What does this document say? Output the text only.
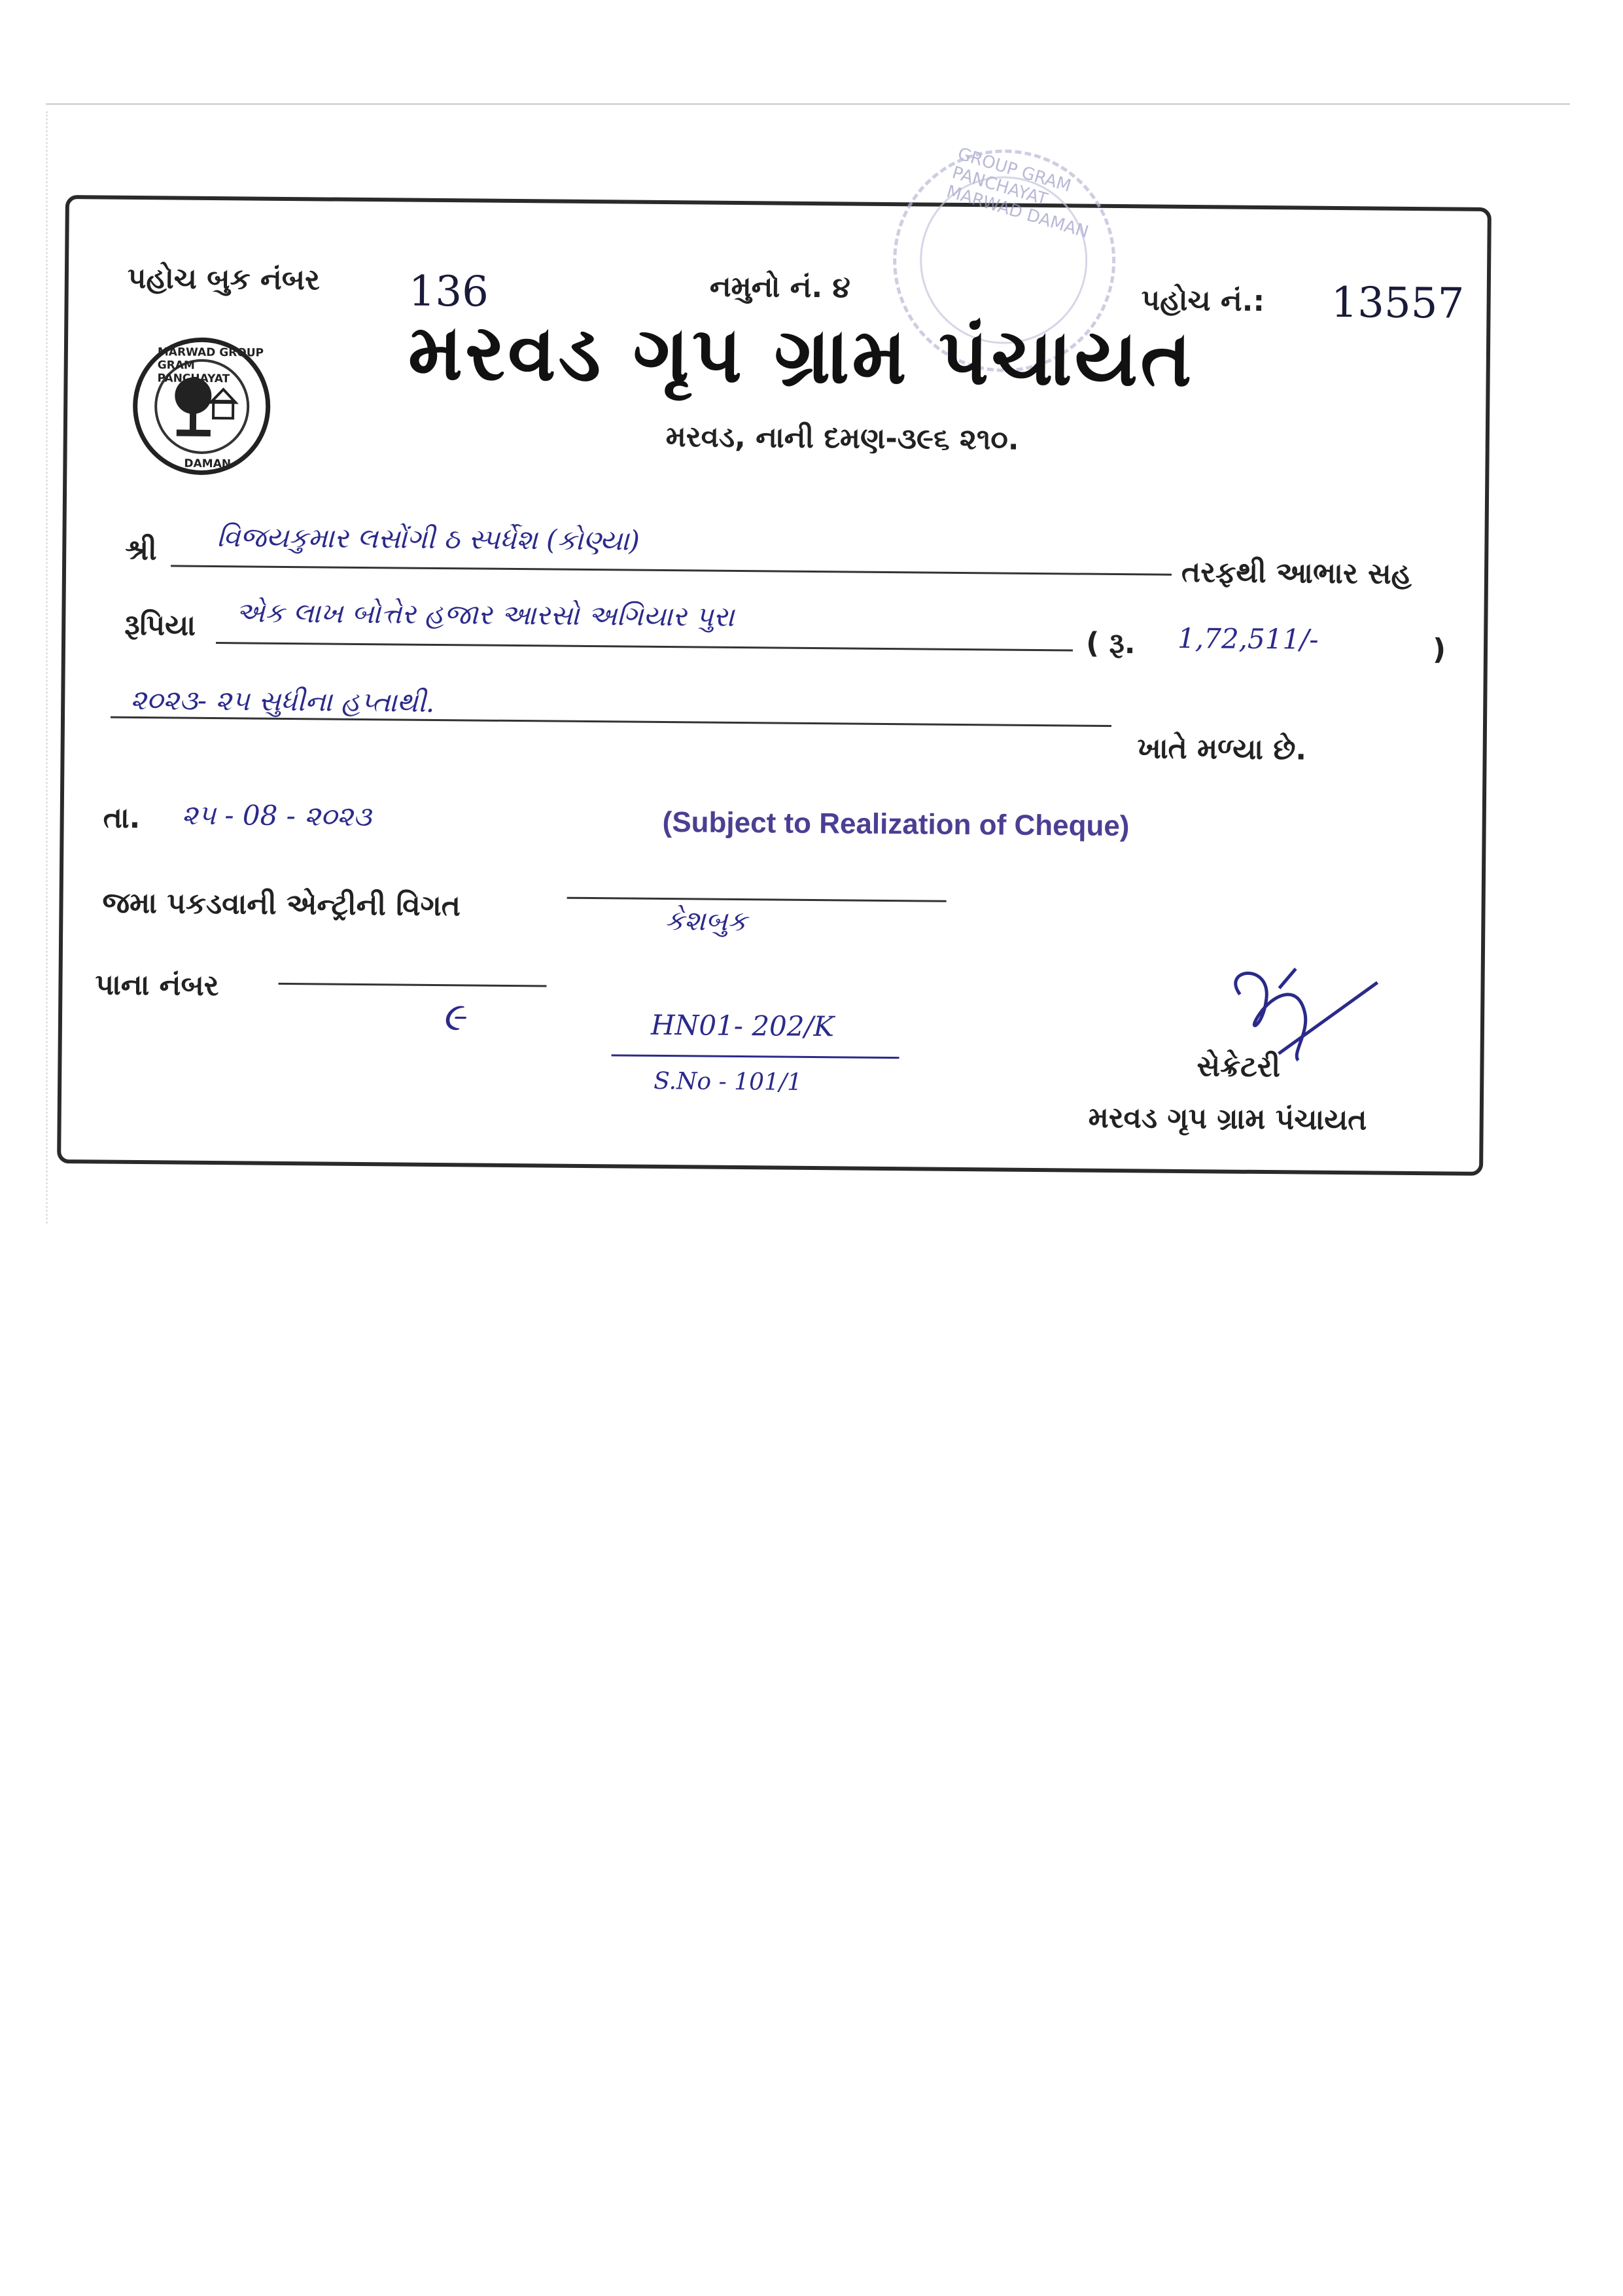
GROUP GRAM PANCHAYAT MARWAD DAMAN
પહોચ બુક નંબર 136	નમુનો નં. ૪	પહોચ નં.: 13557
MARWAD GROUP GRAM PANCHAYAT
DAMAN
મરવડ ગૃપ ગ્રામ પંચાયત
મરવડ, નાની દમણ-૩૯૬ ૨૧૦.
શ્રી વિજયકુમાર લસોંગી ઠ સ્પર્ધેશ (કોણ્યા)
તરફથી આભાર સહ
રૂપિયા એક લાખ બોત્તેર હજાર આરસો અગિયાર પુરા
( રૂ. 1,72,511/-	)
૨૦૨૩- ૨૫ સુધીના હપ્તાથી.
ખાતે મળ્યા છે.
તા. ૨૫ - 08 - ૨૦૨૩	(Subject to Realization of Cheque)
જમા પકડવાની એન્ટ્રીની વિગત	કેશબુક
પાના નંબર
૯	HN01- 202/K
S.No - 101/1	સેક્રેટરી
મરવડ ગૃપ ગ્રામ પંચાયત
